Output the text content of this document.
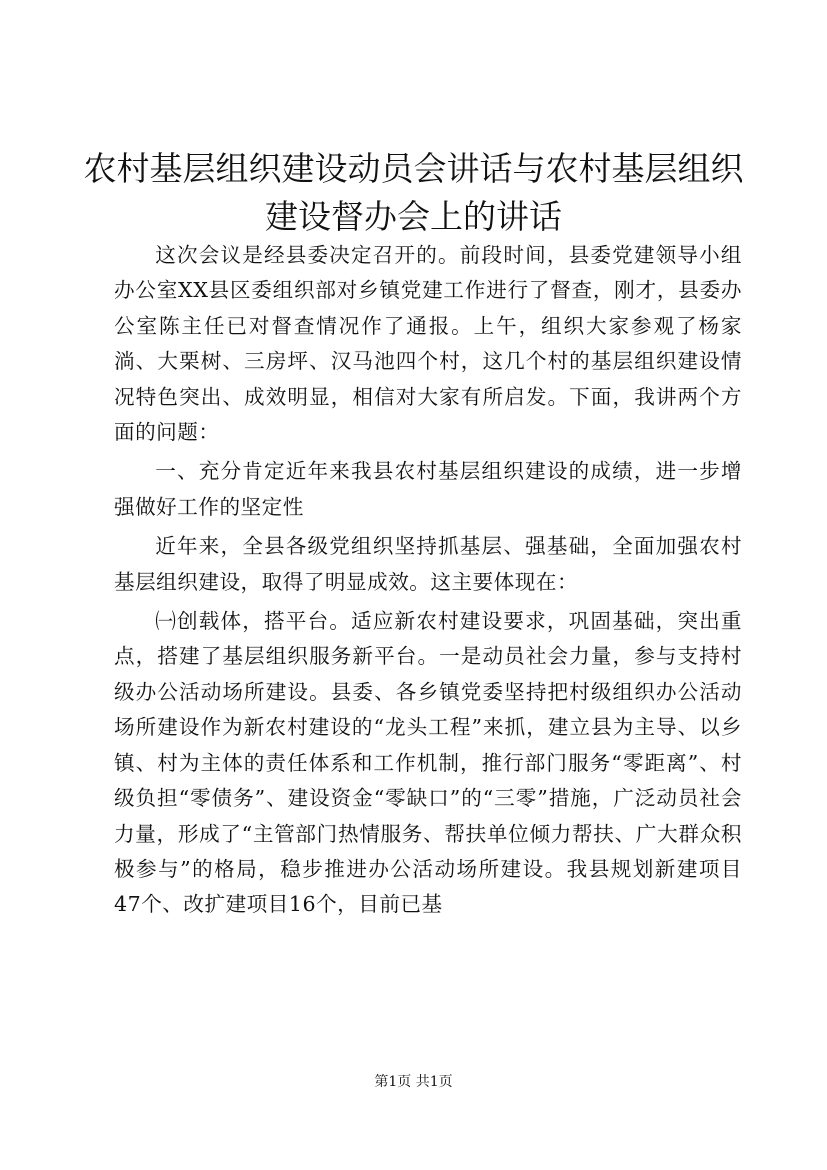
农村基层组织建设动员会讲话与农村基层组织
建设督办会上的讲话

这次会议是经县委决定召开的。前段时间，县委党建领导小组办公室XX县区委组织部对乡镇党建工作进行了督查，刚才，县委办公室陈主任已对督查情况作了通报。上午，组织大家参观了杨家淌、大栗树、三房坪、汉马池四个村，这几个村的基层组织建设情况特色突出、成效明显，相信对大家有所启发。下面，我讲两个方面的问题：

一、充分肯定近年来我县农村基层组织建设的成绩，进一步增强做好工作的坚定性

近年来，全县各级党组织坚持抓基层、强基础，全面加强农村基层组织建设，取得了明显成效。这主要体现在：

㈠创载体，搭平台。适应新农村建设要求，巩固基础，突出重点，搭建了基层组织服务新平台。一是动员社会力量，参与支持村级办公活动场所建设。县委、各乡镇党委坚持把村级组织办公活动场所建设作为新农村建设的“龙头工程”来抓，建立县为主导、以乡镇、村为主体的责任体系和工作机制，推行部门服务“零距离”、村级负担“零债务”、建设资金“零缺口”的“三零”措施，广泛动员社会力量，形成了“主管部门热情服务、帮扶单位倾力帮扶、广大群众积极参与”的格局，稳步推进办公活动场所建设。我县规划新建项目47个、改扩建项目16个，目前已基

第1页 共1页
